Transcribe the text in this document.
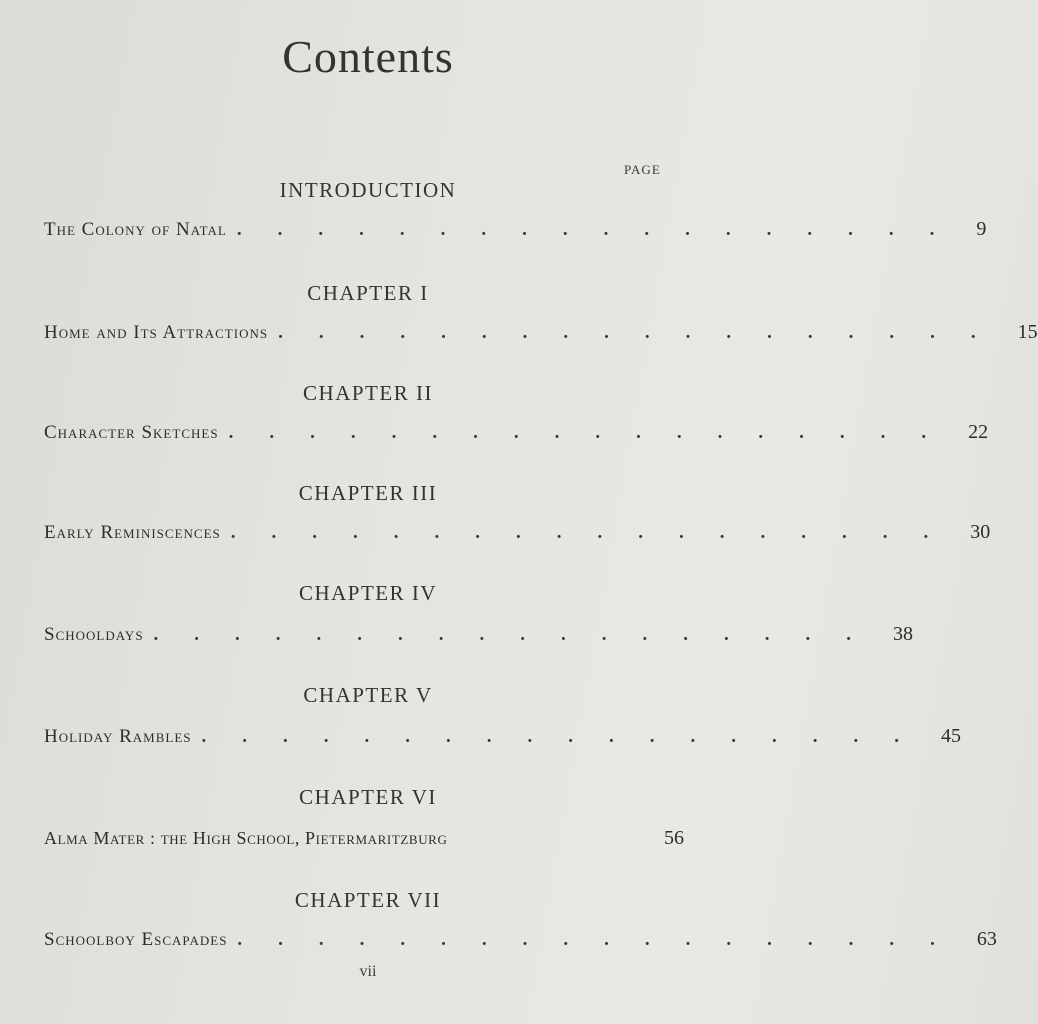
Contents
PAGE
INTRODUCTION
The Colony of Natal .................. 9
CHAPTER I
Home and Its Attractions .................. 15
CHAPTER II
Character Sketches .................. 22
CHAPTER III
Early Reminiscences .................. 30
CHAPTER IV
Schooldays .................. 38
CHAPTER V
Holiday Rambles .................. 45
CHAPTER VI
Alma Mater : the High School, Pietermaritzburg	56
CHAPTER VII
Schoolboy Escapades .................. 63
vii
